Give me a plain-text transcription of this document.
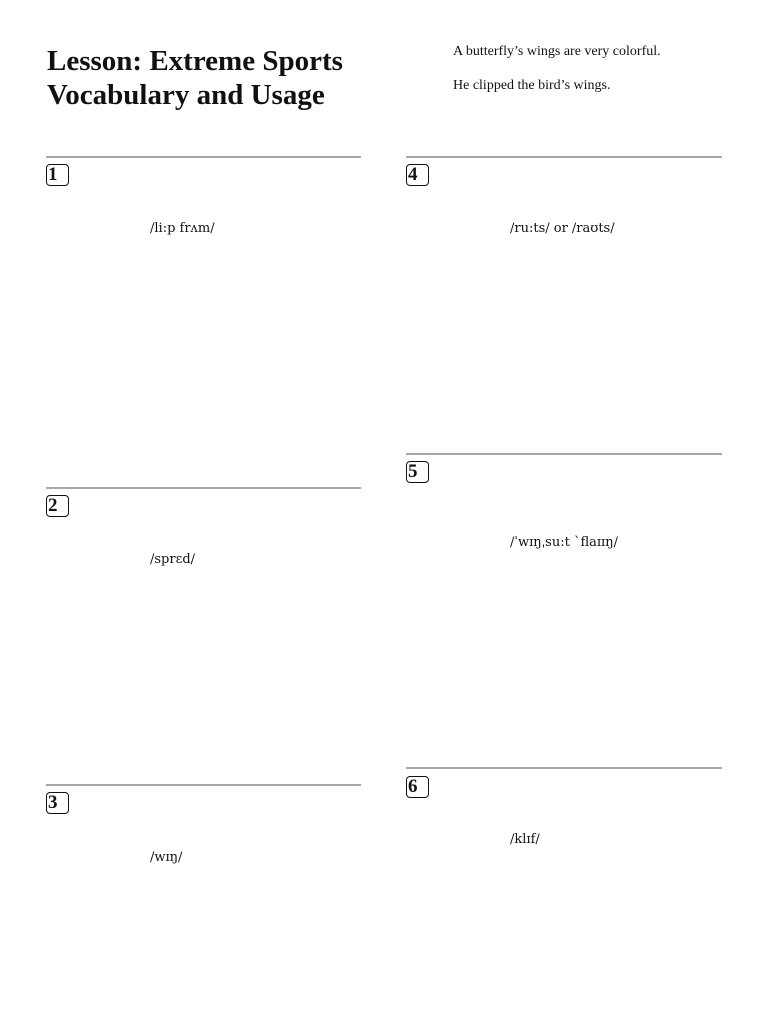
Lesson: Extreme Sports Vocabulary and Usage

A butterfly’s wings are very colorful.

He clipped the bird’s wings.

1

/li:p frʌm/

2

/sprɛd/

3

/wɪŋ/

4

/ru:ts/ or /raʊts/

5

/ˈwɪŋˌsu:t `flaɪɪŋ/

6

/klɪf/
